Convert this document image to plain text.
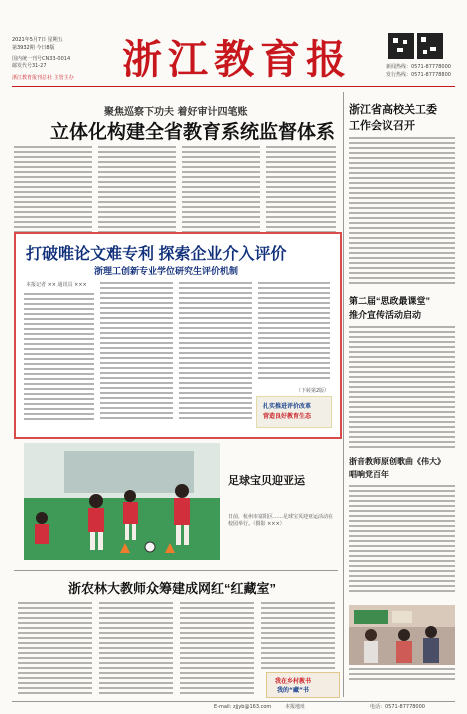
2021年5月7日 星期五
第3932期 今日8版
国内统一刊号CN33-0014
邮发代号31-27
浙江教育报刊总社 主管主办 浙江教育报	新闻热线：0571-87778000
发行热线：0571-87778800
聚焦巡察下功夫 着好审计四笔账
立体化构建全省教育系统监督体系
浙江省高校关工委
工作会议召开
第二届“思政最课堂”
推介宣传活动启动
浙音教师原创歌曲《伟大》
唱响党百年
打破唯论文难专利 探索企业介入评价
浙理工创新专业学位研究生评价机制
本报记者 ×× 通讯员 ×××
（下转第2版）
扎实推进评价改革
营造良好教育生态
足球宝贝迎亚运
日前，杭州市富阳区……足球宝贝迎亚运活动在校园举行。（摄影 ×××）
浙农林大教师众筹建成网红“红藏室”
我在乡村教书
我的“藏”书
E-mail: zjjyb@163.com	本报地址	电话：0571-87778000
